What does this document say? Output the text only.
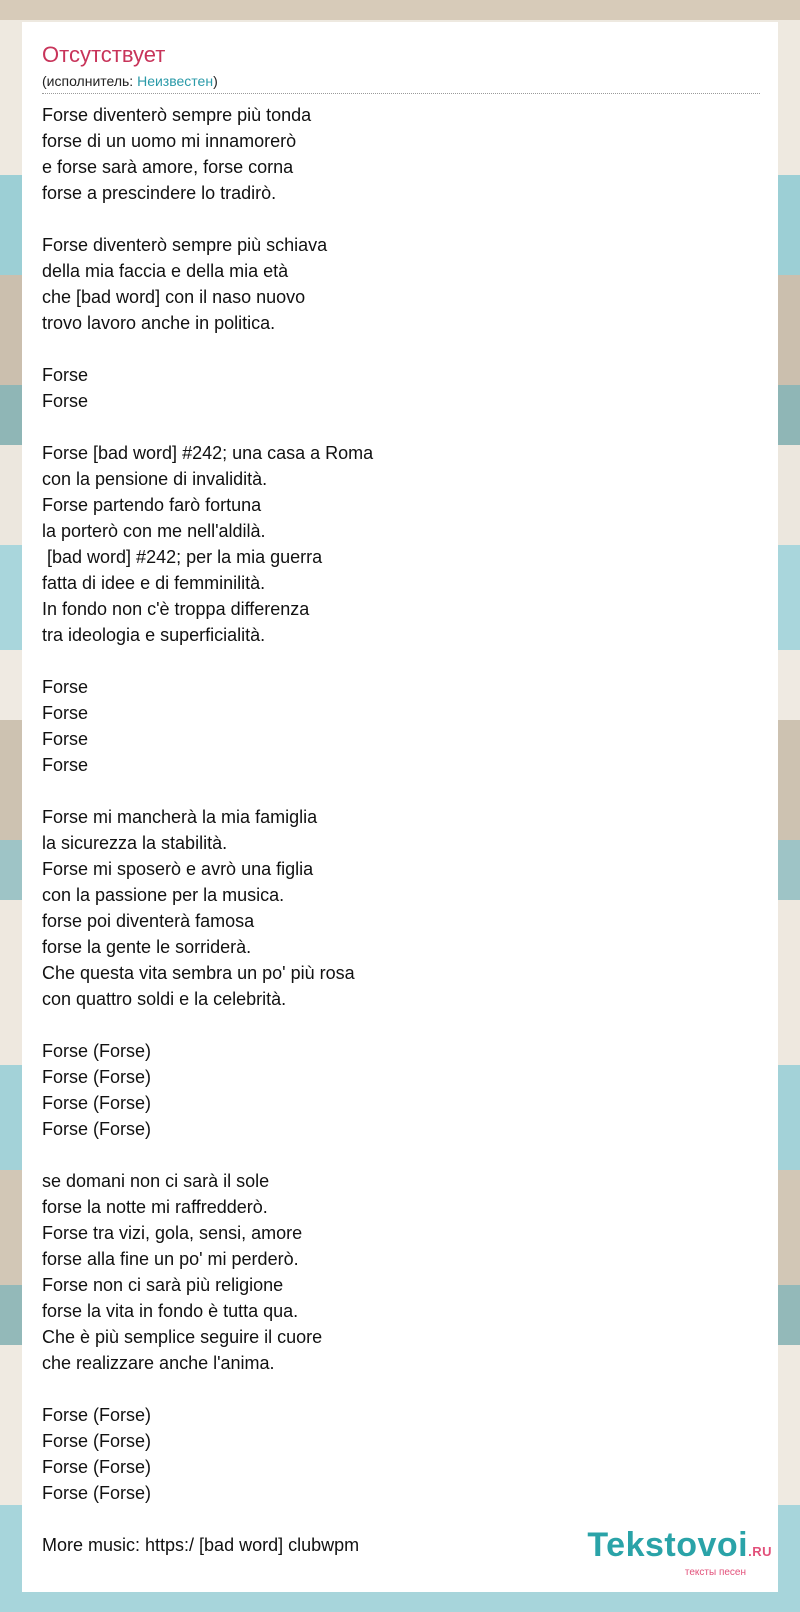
Отсутствует
(исполнитель: Неизвестен)
Forse diventerò sempre più tonda
forse di un uomo mi innamorerò
e forse sarà amore, forse corna
forse a prescindere lo tradirò.
Forse diventerò sempre più schiava
della mia faccia e della mia età
che [bad word] con il naso nuovo
trovo lavoro anche in politica.
Forse
Forse
Forse [bad word] #242; una casa a Roma
con la pensione di invalidità.
Forse partendo farò fortuna
la porterò con me nell'aldilà.
[bad word] #242; per la mia guerra
fatta di idee e di femminilità.
In fondo non c'è troppa differenza
tra ideologia e superficialità.
Forse
Forse
Forse
Forse
Forse mi mancherà la mia famiglia
la sicurezza la stabilità.
Forse mi sposerò e avrò una figlia
con la passione per la musica.
forse poi diventerà famosa
forse la gente le sorriderà.
Che questa vita sembra un po' più rosa
con quattro soldi e la celebrità.
Forse (Forse)
Forse (Forse)
Forse (Forse)
Forse (Forse)
se domani non ci sarà il sole
forse la notte mi raffredderò.
Forse tra vizi, gola, sensi, amore
forse alla fine un po' mi perderò.
Forse non ci sarà più religione
forse la vita in fondo è tutta qua.
Che è più semplice seguire il cuore
che realizzare anche l'anima.
Forse (Forse)
Forse (Forse)
Forse (Forse)
Forse (Forse)
More music: https:/ [bad word] clubwpm	Tekstovoi.RU
тексты песен
